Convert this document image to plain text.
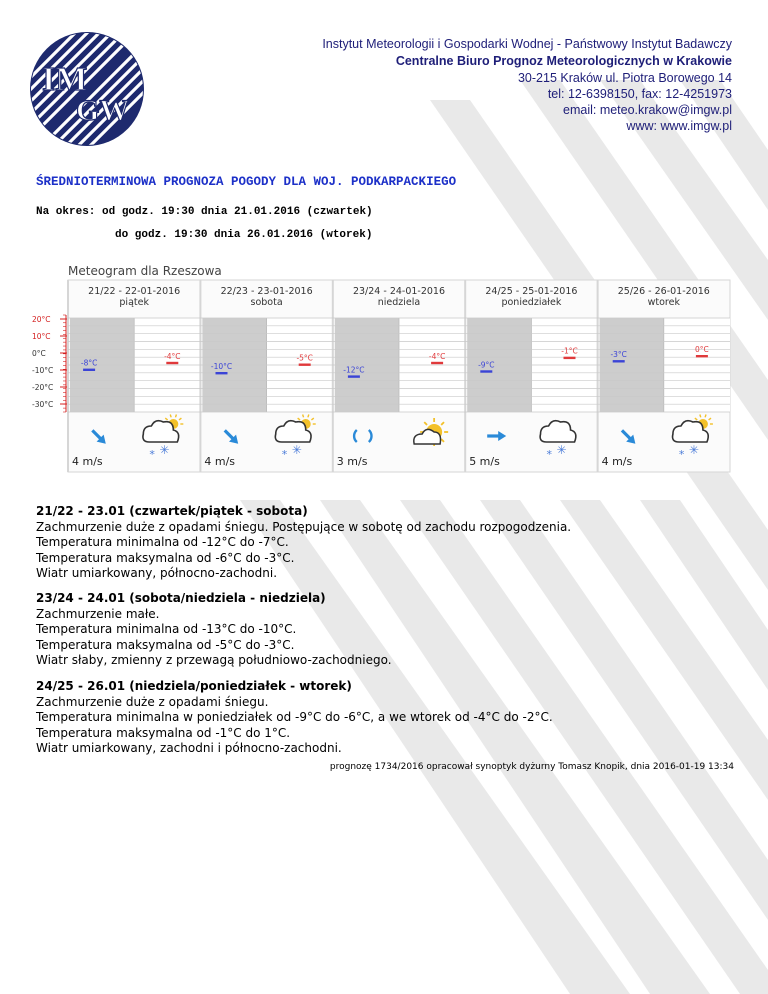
IM
GW
Instytut Meteorologii i Gospodarki Wodnej - Państwowy Instytut Badawczy
Centralne Biuro Prognoz Meteorologicznych w Krakowie
30-215 Kraków ul. Piotra Borowego 14
tel: 12-6398150, fax: 12-4251973
email: meteo.krakow@imgw.pl
www: www.imgw.pl
ŚREDNIOTERMINOWA PROGNOZA POGODY DLA WOJ. PODKARPACKIEGO
Na okres: od godz. 19:30 dnia 21.01.2016 (czwartek)
do godz. 19:30 dnia 26.01.2016 (wtorek)
Meteogram dla Rzeszowa
20°C
10°C
0°C
-10°C
-20°C
-30°C
21/22 - 22-01-2016
piątek
22/23 - 23-01-2016
sobota
23/24 - 24-01-2016
niedziela
24/25 - 25-01-2016
poniedziałek
25/26 - 26-01-2016
wtorek
-8°C
-4°C
4 m/s
* ✳
-10°C
-5°C
4 m/s
* ✳
-12°C
-4°C
3 m/s
-9°C
-1°C
5 m/s
* ✳
-3°C
0°C
4 m/s
* ✳
21/22 - 23.01 (czwartek/piątek - sobota)
Zachmurzenie duże z opadami śniegu. Postępujące w sobotę od zachodu rozpogodzenia.
Temperatura minimalna od -12°C do -7°C.
Temperatura maksymalna od -6°C do -3°C.
Wiatr umiarkowany, północno-zachodni.
23/24 - 24.01 (sobota/niedziela - niedziela)
Zachmurzenie małe.
Temperatura minimalna od -13°C do -10°C.
Temperatura maksymalna od -5°C do -3°C.
Wiatr słaby, zmienny z przewagą południowo-zachodniego.
24/25 - 26.01 (niedziela/poniedziałek - wtorek)
Zachmurzenie duże z opadami śniegu.
Temperatura minimalna w poniedziałek od -9°C do -6°C, a we wtorek od -4°C do -2°C.
Temperatura maksymalna od -1°C do 1°C.
Wiatr umiarkowany, zachodni i północno-zachodni.
prognozę 1734/2016 opracował synoptyk dyżurny Tomasz Knopik, dnia 2016-01-19 13:34
